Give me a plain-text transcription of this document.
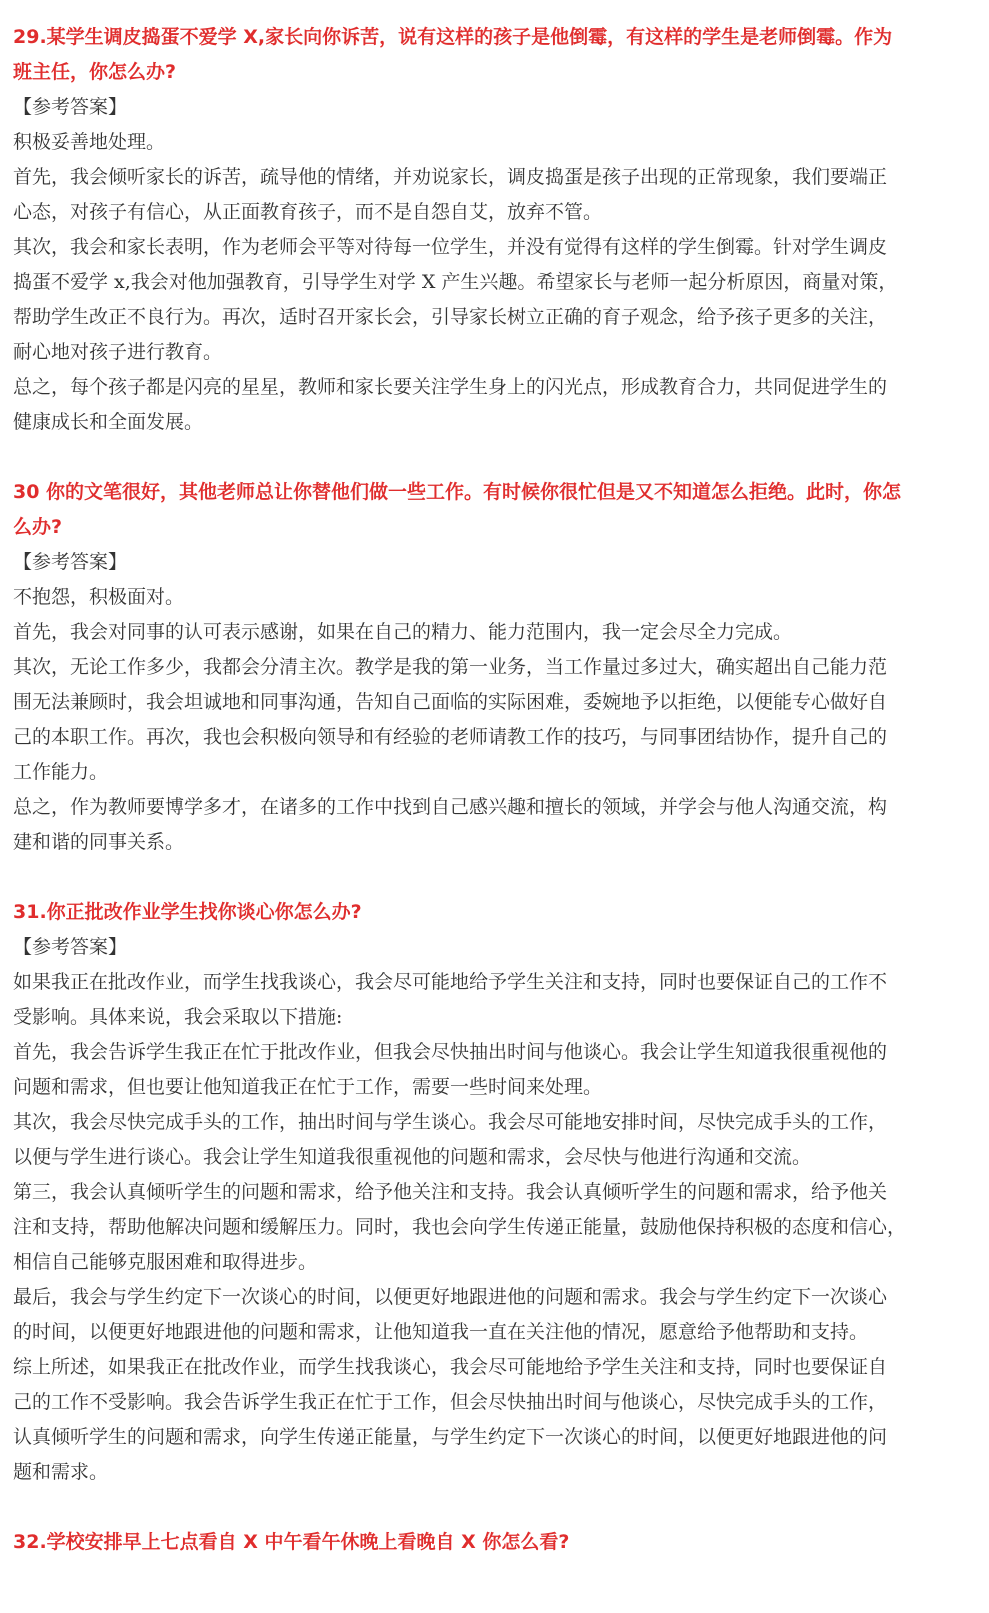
29.某学生调皮捣蛋不爱学 X,家长向你诉苦，说有这样的孩子是他倒霉，有这样的学生是老师倒霉。作为
班主任，你怎么办?
【参考答案】
积极妥善地处理。
首先，我会倾听家长的诉苦，疏导他的情绪，并劝说家长，调皮捣蛋是孩子出现的正常现象，我们要端正
心态，对孩子有信心，从正面教育孩子，而不是自怨自艾，放弃不管。
其次，我会和家长表明，作为老师会平等对待每一位学生，并没有觉得有这样的学生倒霉。针对学生调皮
捣蛋不爱学 x,我会对他加强教育，引导学生对学 X 产生兴趣。希望家长与老师一起分析原因，商量对策，
帮助学生改正不良行为。再次，适时召开家长会，引导家长树立正确的育子观念，给予孩子更多的关注，
耐心地对孩子进行教育。
总之，每个孩子都是闪亮的星星，教师和家长要关注学生身上的闪光点，形成教育合力，共同促进学生的
健康成长和全面发展。
30 你的文笔很好，其他老师总让你替他们做一些工作。有时候你很忙但是又不知道怎么拒绝。此时，你怎
么办?
【参考答案】
不抱怨，积极面对。
首先，我会对同事的认可表示感谢，如果在自己的精力、能力范围内，我一定会尽全力完成。
其次，无论工作多少，我都会分清主次。教学是我的第一业务，当工作量过多过大，确实超出自己能力范
围无法兼顾时，我会坦诚地和同事沟通，告知自己面临的实际困难，委婉地予以拒绝，以便能专心做好自
己的本职工作。再次，我也会积极向领导和有经验的老师请教工作的技巧，与同事团结协作，提升自己的
工作能力。
总之，作为教师要博学多才，在诸多的工作中找到自己感兴趣和擅长的领域，并学会与他人沟通交流，构
建和谐的同事关系。
31.你正批改作业学生找你谈心你怎么办?
【参考答案】
如果我正在批改作业，而学生找我谈心，我会尽可能地给予学生关注和支持，同时也要保证自己的工作不
受影响。具体来说，我会采取以下措施:
首先，我会告诉学生我正在忙于批改作业，但我会尽快抽出时间与他谈心。我会让学生知道我很重视他的
问题和需求，但也要让他知道我正在忙于工作，需要一些时间来处理。
其次，我会尽快完成手头的工作，抽出时间与学生谈心。我会尽可能地安排时间，尽快完成手头的工作，
以便与学生进行谈心。我会让学生知道我很重视他的问题和需求，会尽快与他进行沟通和交流。
第三，我会认真倾听学生的问题和需求，给予他关注和支持。我会认真倾听学生的问题和需求，给予他关
注和支持，帮助他解决问题和缓解压力。同时，我也会向学生传递正能量，鼓励他保持积极的态度和信心，
相信自己能够克服困难和取得进步。
最后，我会与学生约定下一次谈心的时间，以便更好地跟进他的问题和需求。我会与学生约定下一次谈心
的时间，以便更好地跟进他的问题和需求，让他知道我一直在关注他的情况，愿意给予他帮助和支持。
综上所述，如果我正在批改作业，而学生找我谈心，我会尽可能地给予学生关注和支持，同时也要保证自
己的工作不受影响。我会告诉学生我正在忙于工作，但会尽快抽出时间与他谈心，尽快完成手头的工作，
认真倾听学生的问题和需求，向学生传递正能量，与学生约定下一次谈心的时间，以便更好地跟进他的问
题和需求。
32.学校安排早上七点看自 X 中午看午休晚上看晚自 X 你怎么看?
